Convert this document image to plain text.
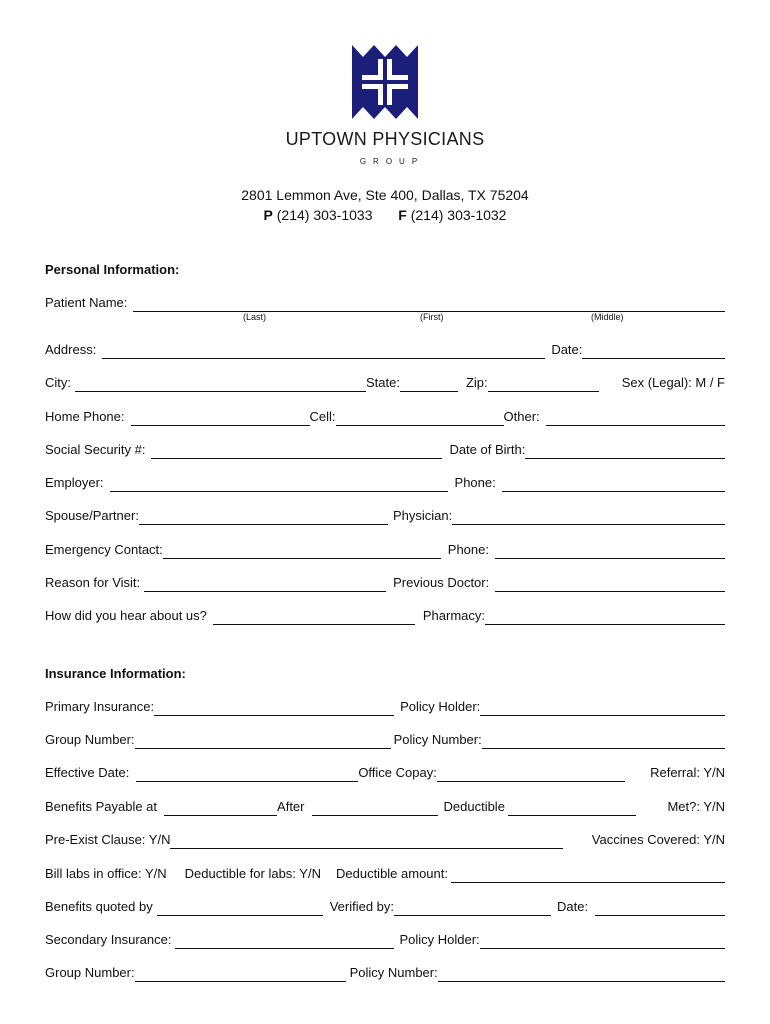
UPTOWN PHYSICIANS
GROUP
2801 Lemmon Ave, Ste 400, Dallas, TX 75204
P (214) 303-1033 F (214) 303-1032
Personal Information:
Patient Name:
(Last)	(First)	(Middle)
Address:	Date:
City:	State:	Zip:	Sex (Legal): M / F
Home Phone:	Cell:	Other:
Social Security #:	Date of Birth:
Employer:	Phone:
Spouse/Partner:	Physician:
Emergency Contact:	Phone:
Reason for Visit:	Previous Doctor:
How did you hear about us?	Pharmacy:
Insurance Information:
Primary Insurance:	Policy Holder:
Group Number:	Policy Number:
Effective Date:	Office Copay:	Referral: Y/N
Benefits Payable at	After	Deductible	Met?: Y/N
Pre-Exist Clause: Y/N	Vaccines Covered: Y/N
Bill labs in office: Y/N Deductible for labs: Y/N Deductible amount:
Benefits quoted by	Verified by:	Date:
Secondary Insurance:	Policy Holder:
Group Number:	Policy Number:
